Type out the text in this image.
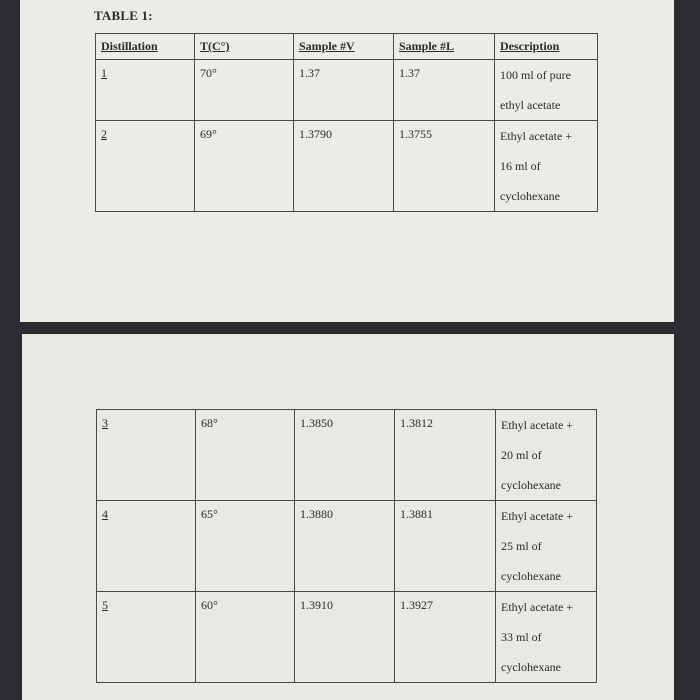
TABLE 1:
Distillation	T(C°)	Sample #V	Sample #L	Description
1	70°	1.37	1.37	100 ml of pure
ethyl acetate

2	69°	1.3790	1.3755	Ethyl acetate +
16 ml of
cyclohexane
3	68°	1.3850	1.3812	Ethyl acetate +
20 ml of
cyclohexane

4	65°	1.3880	1.3881	Ethyl acetate +
25 ml of
cyclohexane

5	60°	1.3910	1.3927	Ethyl acetate +
33 ml of
cyclohexane
